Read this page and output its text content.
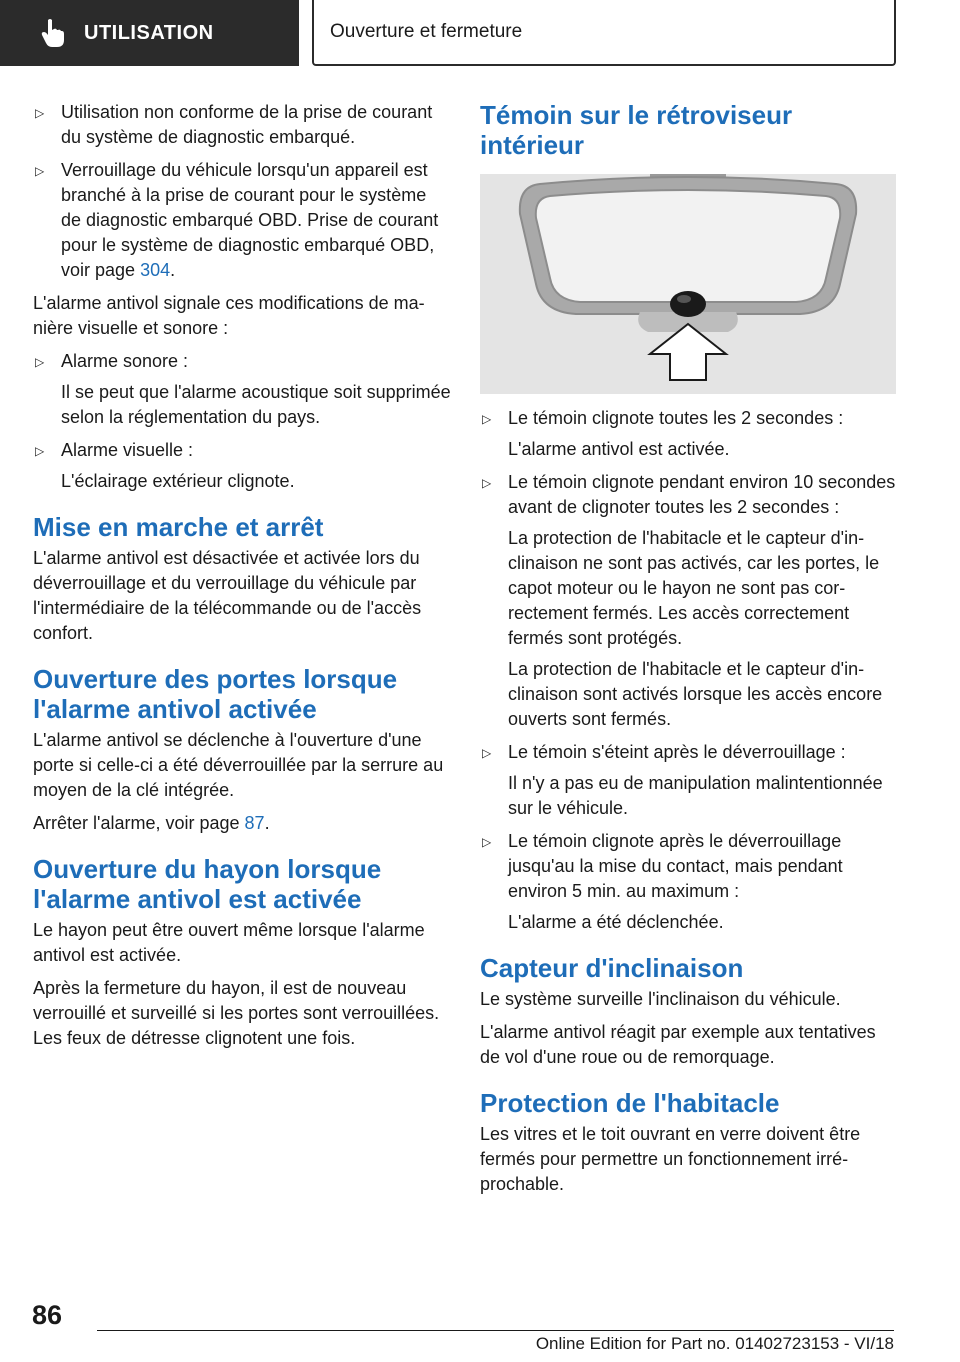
UTILISATION	Ouverture et fermeture
▷ Utilisation non conforme de la prise de courant du système de diagnostic embarqué.
▷ Verrouillage du véhicule lorsqu'un appareil est branché à la prise de courant pour le système de diagnostic embarqué OBD. Prise de courant pour le système de diagnostic embarqué OBD, voir page 304.

L'alarme antivol signale ces modifications de manière visuelle et sonore :

▷ Alarme sonore :

Il se peut que l'alarme acoustique soit supprimée selon la réglementation du pays.

▷ Alarme visuelle :

L'éclairage extérieur clignote.

Mise en marche et arrêt

L'alarme antivol est désactivée et activée lors du déverrouillage et du verrouillage du véhicule par l'intermédiaire de la télécommande ou de l'accès confort.

Ouverture des portes lorsque l'alarme antivol activée

L'alarme antivol se déclenche à l'ouverture d'une porte si celle-ci a été déverrouillée par la serrure au moyen de la clé intégrée.

Arrêter l'alarme, voir page 87.

Ouverture du hayon lorsque l'alarme antivol est activée

Le hayon peut être ouvert même lorsque l'alarme antivol est activée.

Après la fermeture du hayon, il est de nouveau verrouillé et surveillé si les portes sont verrouillées. Les feux de détresse clignotent une fois.

Témoin sur le rétroviseur intérieur
▷ Le témoin clignote toutes les 2 secondes :

L'alarme antivol est activée.

▷ Le témoin clignote pendant environ 10 secondes avant de clignoter toutes les 2 secondes :

La protection de l'habitacle et le capteur d'inclinaison ne sont pas activés, car les portes, le capot moteur ou le hayon ne sont pas correctement fermés. Les accès correctement fermés sont protégés.

La protection de l'habitacle et le capteur d'inclinaison sont activés lorsque les accès encore ouverts sont fermés.

▷ Le témoin s'éteint après le déverrouillage :

Il n'y a pas eu de manipulation malintentionnée sur le véhicule.

▷ Le témoin clignote après le déverrouillage jusqu'au la mise du contact, mais pendant environ 5 min. au maximum :

L'alarme a été déclenchée.

Capteur d'inclinaison

Le système surveille l'inclinaison du véhicule.

L'alarme antivol réagit par exemple aux tentatives de vol d'une roue ou de remorquage.

Protection de l'habitacle

Les vitres et le toit ouvrant en verre doivent être fermés pour permettre un fonctionnement irréprochable.

86
Online Edition for Part no. 01402723153 - VI/18
